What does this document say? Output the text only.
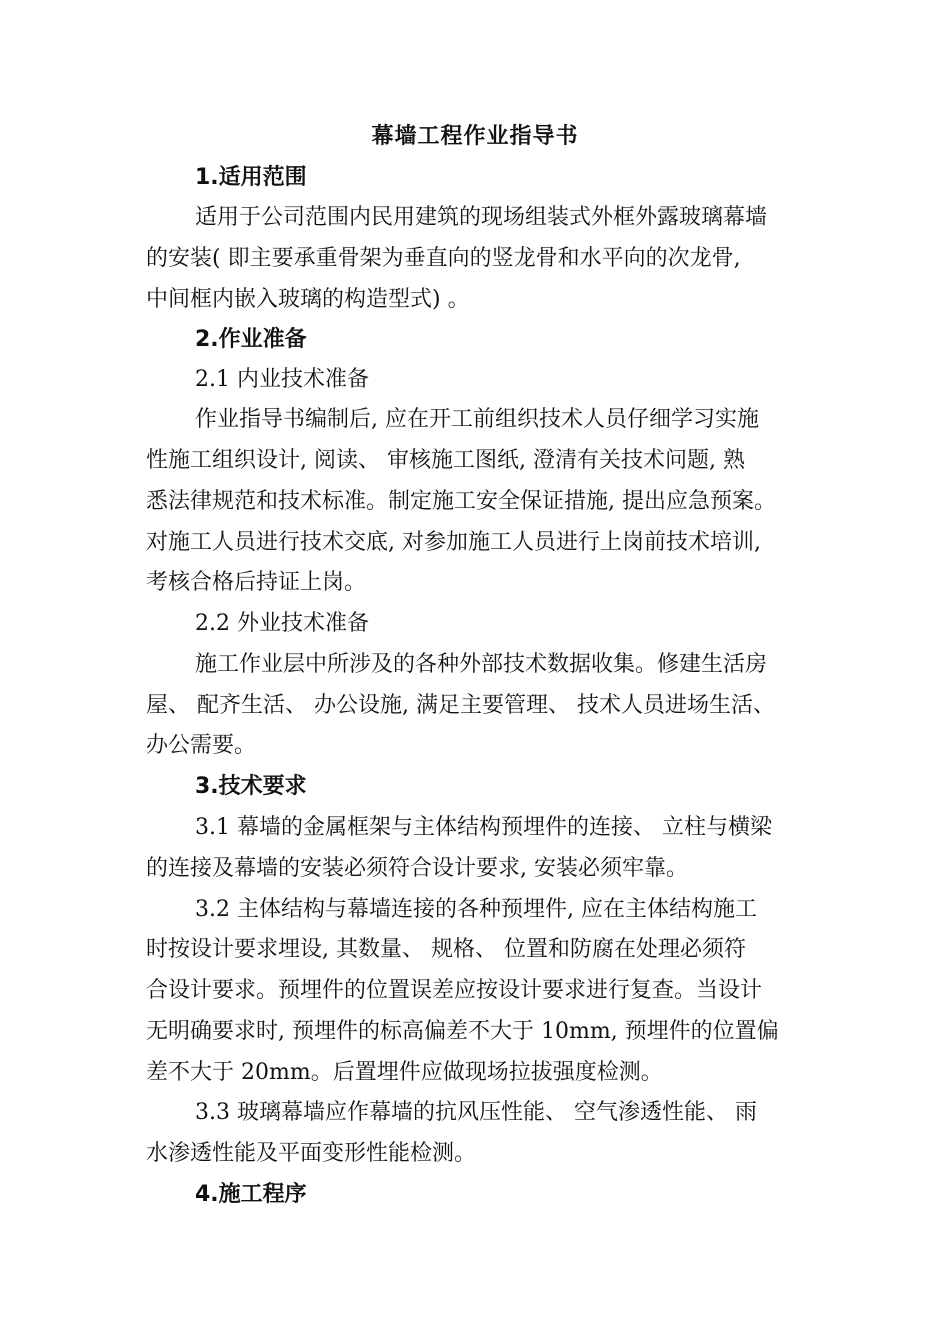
幕墙工程作业指导书
1.适用范围
适用于公司范围内民用建筑的现场组装式外框外露玻璃幕墙
的安装( 即主要承重骨架为垂直向的竖龙骨和水平向的次龙骨,
中间框内嵌入玻璃的构造型式) 。
2.作业准备
2.1 内业技术准备
作业指导书编制后, 应在开工前组织技术人员仔细学习实施
性施工组织设计, 阅读、 审核施工图纸, 澄清有关技术问题, 熟
悉法律规范和技术标准。制定施工安全保证措施, 提出应急预案。
对施工人员进行技术交底, 对参加施工人员进行上岗前技术培训,
考核合格后持证上岗。
2.2 外业技术准备
施工作业层中所涉及的各种外部技术数据收集。修建生活房
屋、 配齐生活、 办公设施, 满足主要管理、 技术人员进场生活、
办公需要。
3.技术要求
3.1 幕墙的金属框架与主体结构预埋件的连接、 立柱与横梁
的连接及幕墙的安装必须符合设计要求, 安装必须牢靠。
3.2 主体结构与幕墙连接的各种预埋件, 应在主体结构施工
时按设计要求埋设, 其数量、 规格、 位置和防腐在处理必须符
合设计要求。预埋件的位置误差应按设计要求进行复查。当设计
无明确要求时, 预埋件的标高偏差不大于 10mm, 预埋件的位置偏
差不大于 20mm。后置埋件应做现场拉拔强度检测。
3.3 玻璃幕墙应作幕墙的抗风压性能、 空气渗透性能、 雨
水渗透性能及平面变形性能检测。
4.施工程序
